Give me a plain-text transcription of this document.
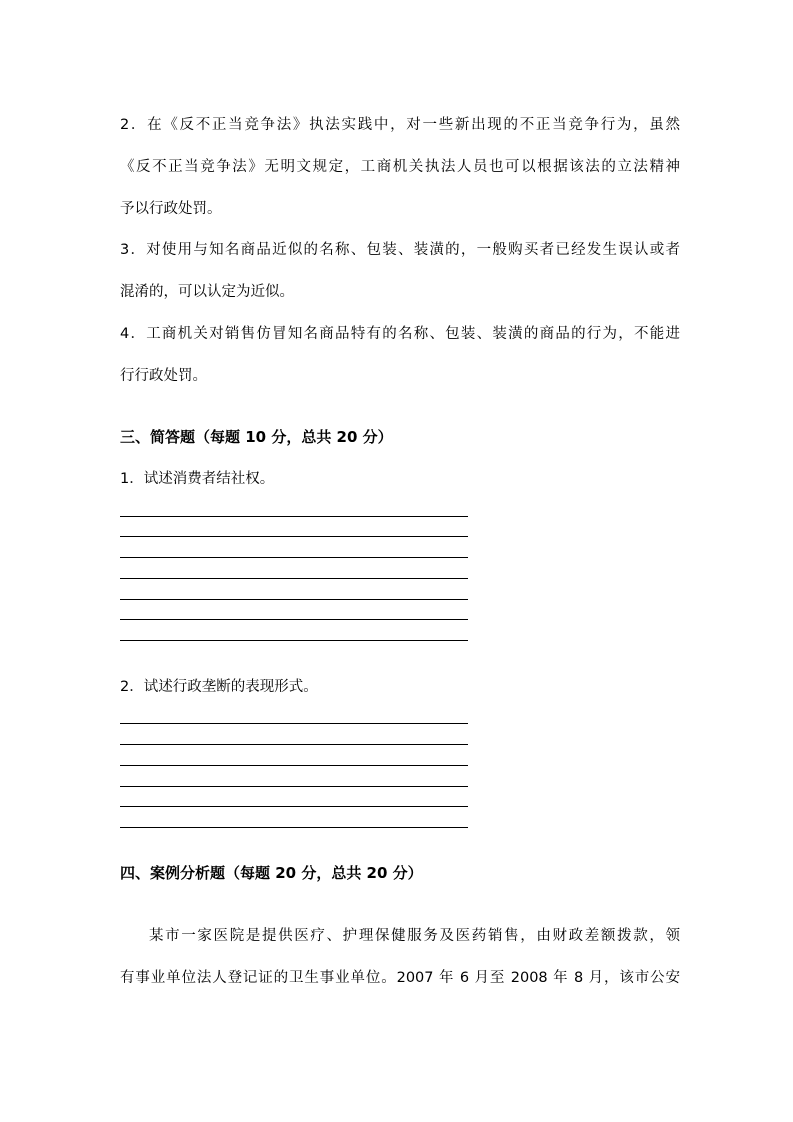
2．在《反不正当竞争法》执法实践中，对一些新出现的不正当竞争行为，虽然
《反不正当竞争法》无明文规定，工商机关执法人员也可以根据该法的立法精神
予以行政处罚。
3．对使用与知名商品近似的名称、包装、装潢的，一般购买者已经发生误认或者
混淆的，可以认定为近似。
4．工商机关对销售仿冒知名商品特有的名称、包装、装潢的商品的行为，不能进
行行政处罚。
三、简答题（每题 10 分，总共 20 分）
1．试述消费者结社权。
2．试述行政垄断的表现形式。
四、案例分析题（每题 20 分，总共 20 分）
某市一家医院是提供医疗、护理保健服务及医药销售，由财政差额拨款，领
有事业单位法人登记证的卫生事业单位。2007 年 6 月至 2008 年 8 月，该市公安
